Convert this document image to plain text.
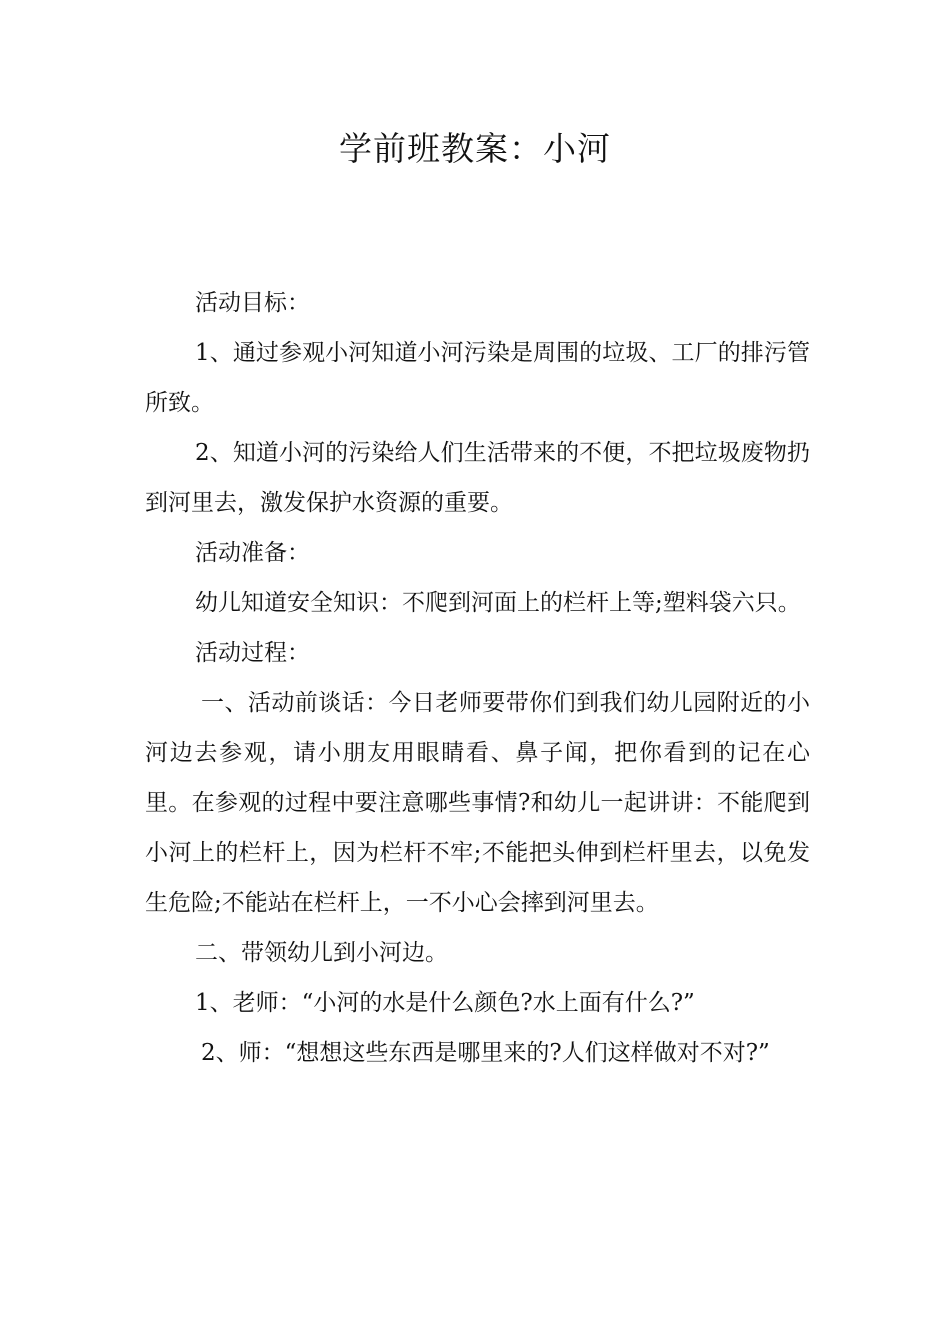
学前班教案：小河

活动目标：

1、通过参观小河知道小河污染是周围的垃圾、工厂的排污管所致。

2、知道小河的污染给人们生活带来的不便，不把垃圾废物扔到河里去，激发保护水资源的重要。

活动准备：

幼儿知道安全知识：不爬到河面上的栏杆上等;塑料袋六只。

活动过程：

一、活动前谈话：今日老师要带你们到我们幼儿园附近的小河边去参观，请小朋友用眼睛看、鼻子闻，把你看到的记在心里。在参观的过程中要注意哪些事情?和幼儿一起讲讲：不能爬到小河上的栏杆上，因为栏杆不牢;不能把头伸到栏杆里去，以免发生危险;不能站在栏杆上，一不小心会摔到河里去。

二、带领幼儿到小河边。

1、老师：“小河的水是什么颜色?水上面有什么?”

2、师：“想想这些东西是哪里来的?人们这样做对不对?”
